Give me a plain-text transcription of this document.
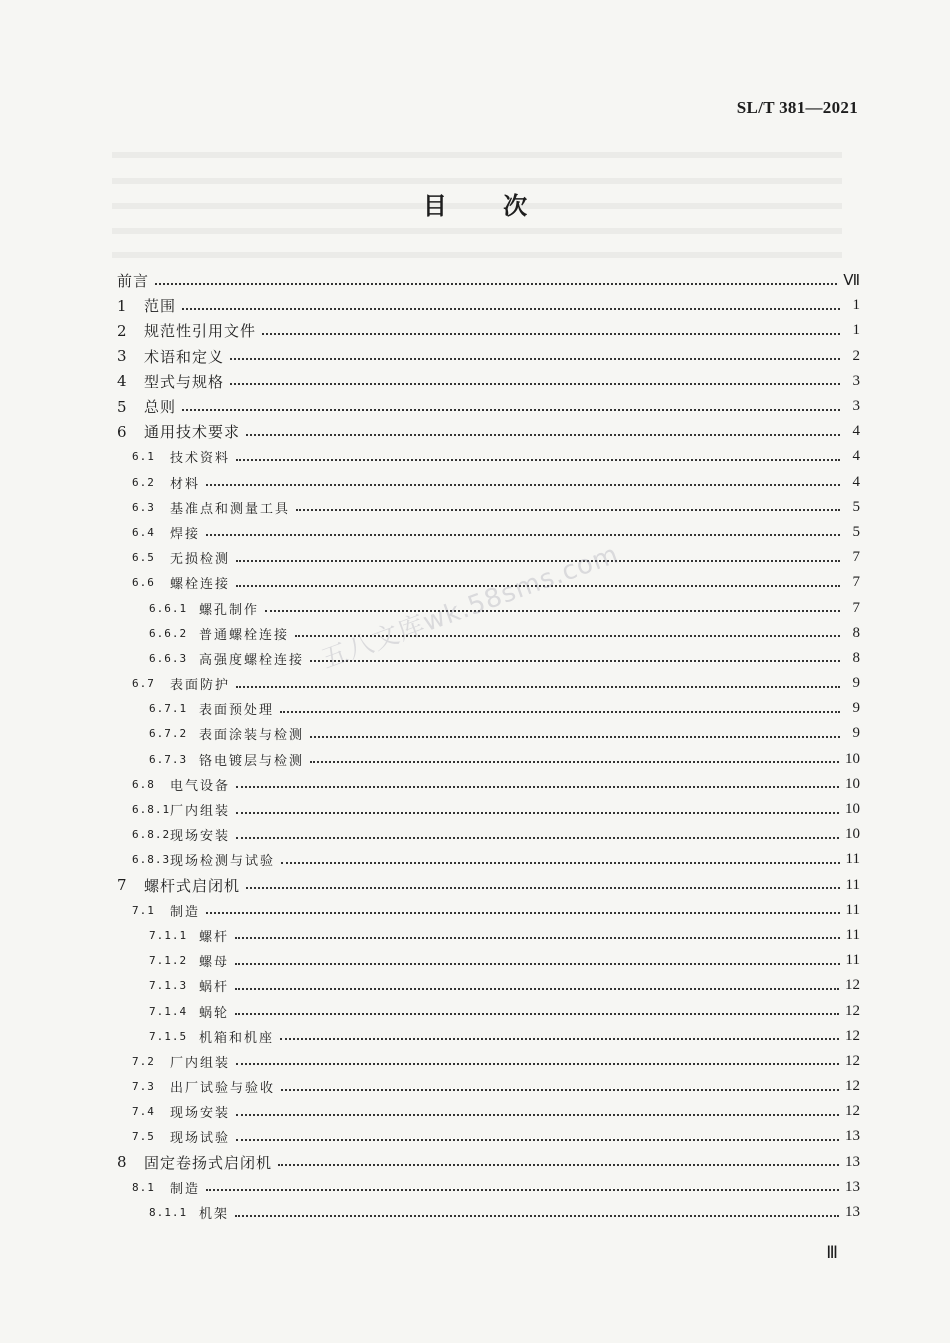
SL/T 381—2021
目 次
前言	Ⅶ
1	范围	1
2	规范性引用文件	1
3	术语和定义	2
4	型式与规格	3
5	总则	3
6	通用技术要求	4
6.1	技术资料	4
6.2	材料	4
6.3	基准点和测量工具	5
6.4	焊接	5
6.5	无损检测	7
6.6	螺栓连接	7
6.6.1 螺孔制作	7
6.6.2 普通螺栓连接	8
6.6.3 高强度螺栓连接	8
6.7	表面防护	9
6.7.1 表面预处理	9
6.7.2 表面涂装与检测	9
6.7.3 铬电镀层与检测	10
6.8	电气设备	10
6.8.1 厂内组装	10
6.8.2 现场安装	10
6.8.3 现场检测与试验	11
7	螺杆式启闭机	11
7.1	制造	11
7.1.1 螺杆	11
7.1.2 螺母	11
7.1.3 蜗杆	12
7.1.4 蜗轮	12
7.1.5 机箱和机座	12
7.2	厂内组装	12
7.3	出厂试验与验收	12
7.4	现场安装	12
7.5	现场试验	13
8	固定卷扬式启闭机	13
8.1	制造	13
8.1.1 机架	13
五八文库wk.58sms.com
Ⅲ
